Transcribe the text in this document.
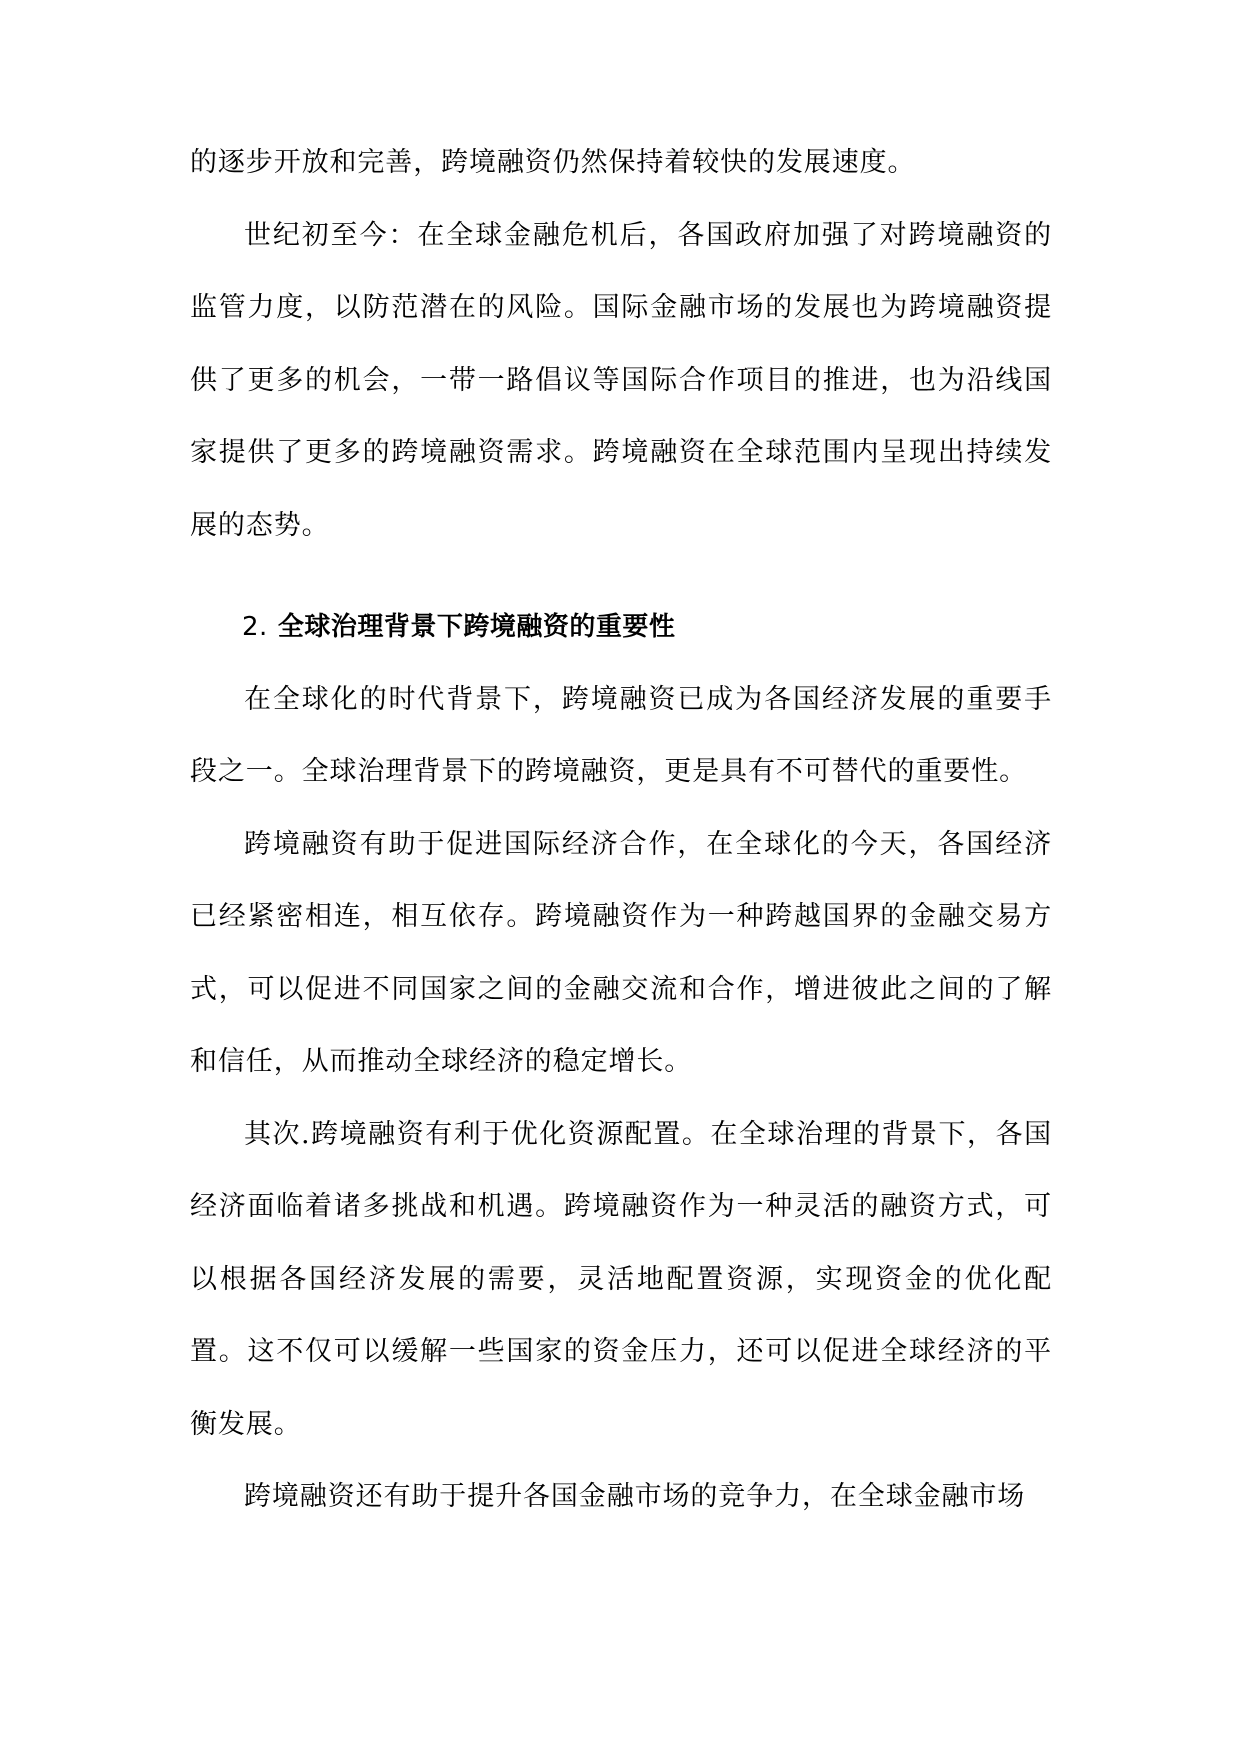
的逐步开放和完善，跨境融资仍然保持着较快的发展速度。

世纪初至今：在全球金融危机后，各国政府加强了对跨境融资的监管力度，以防范潜在的风险。国际金融市场的发展也为跨境融资提供了更多的机会，一带一路倡议等国际合作项目的推进，也为沿线国家提供了更多的跨境融资需求。跨境融资在全球范围内呈现出持续发展的态势。

2. 全球治理背景下跨境融资的重要性

在全球化的时代背景下，跨境融资已成为各国经济发展的重要手段之一。全球治理背景下的跨境融资，更是具有不可替代的重要性。

跨境融资有助于促进国际经济合作，在全球化的今天，各国经济已经紧密相连，相互依存。跨境融资作为一种跨越国界的金融交易方式，可以促进不同国家之间的金融交流和合作，增进彼此之间的了解和信任，从而推动全球经济的稳定增长。

其次.跨境融资有利于优化资源配置。在全球治理的背景下，各国经济面临着诸多挑战和机遇。跨境融资作为一种灵活的融资方式，可以根据各国经济发展的需要，灵活地配置资源，实现资金的优化配置。这不仅可以缓解一些国家的资金压力，还可以促进全球经济的平衡发展。

跨境融资还有助于提升各国金融市场的竞争力，在全球金融市场
